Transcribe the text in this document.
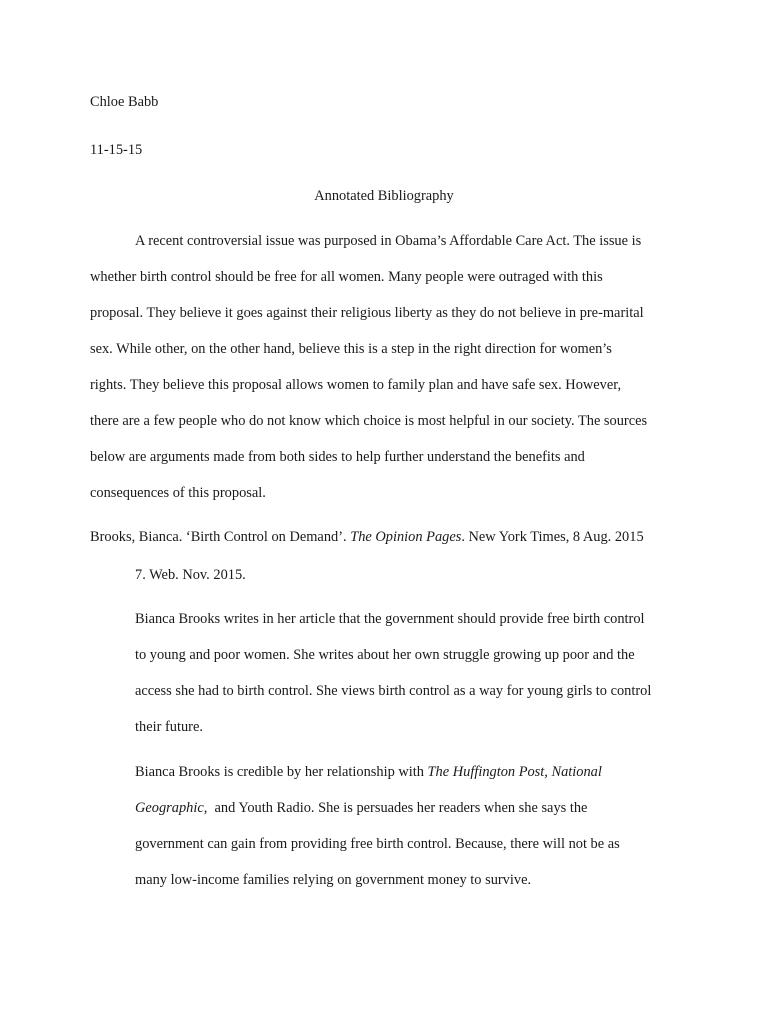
Chloe Babb
11-15-15
Annotated Bibliography
A recent controversial issue was purposed in Obama’s Affordable Care Act. The issue is
whether birth control should be free for all women. Many people were outraged with this
proposal. They believe it goes against their religious liberty as they do not believe in pre-marital
sex. While other, on the other hand, believe this is a step in the right direction for women’s
rights. They believe this proposal allows women to family plan and have safe sex. However,
there are a few people who do not know which choice is most helpful in our society. The sources
below are arguments made from both sides to help further understand the benefits and
consequences of this proposal.
Brooks, Bianca. ‘Birth Control on Demand’. The Opinion Pages. New York Times, 8 Aug. 2015
7. Web. Nov. 2015.
Bianca Brooks writes in her article that the government should provide free birth control
to young and poor women. She writes about her own struggle growing up poor and the
access she had to birth control. She views birth control as a way for young girls to control
their future.
Bianca Brooks is credible by her relationship with The Huffington Post, National
Geographic,  and Youth Radio. She is persuades her readers when she says the
government can gain from providing free birth control. Because, there will not be as
many low-income families relying on government money to survive.
